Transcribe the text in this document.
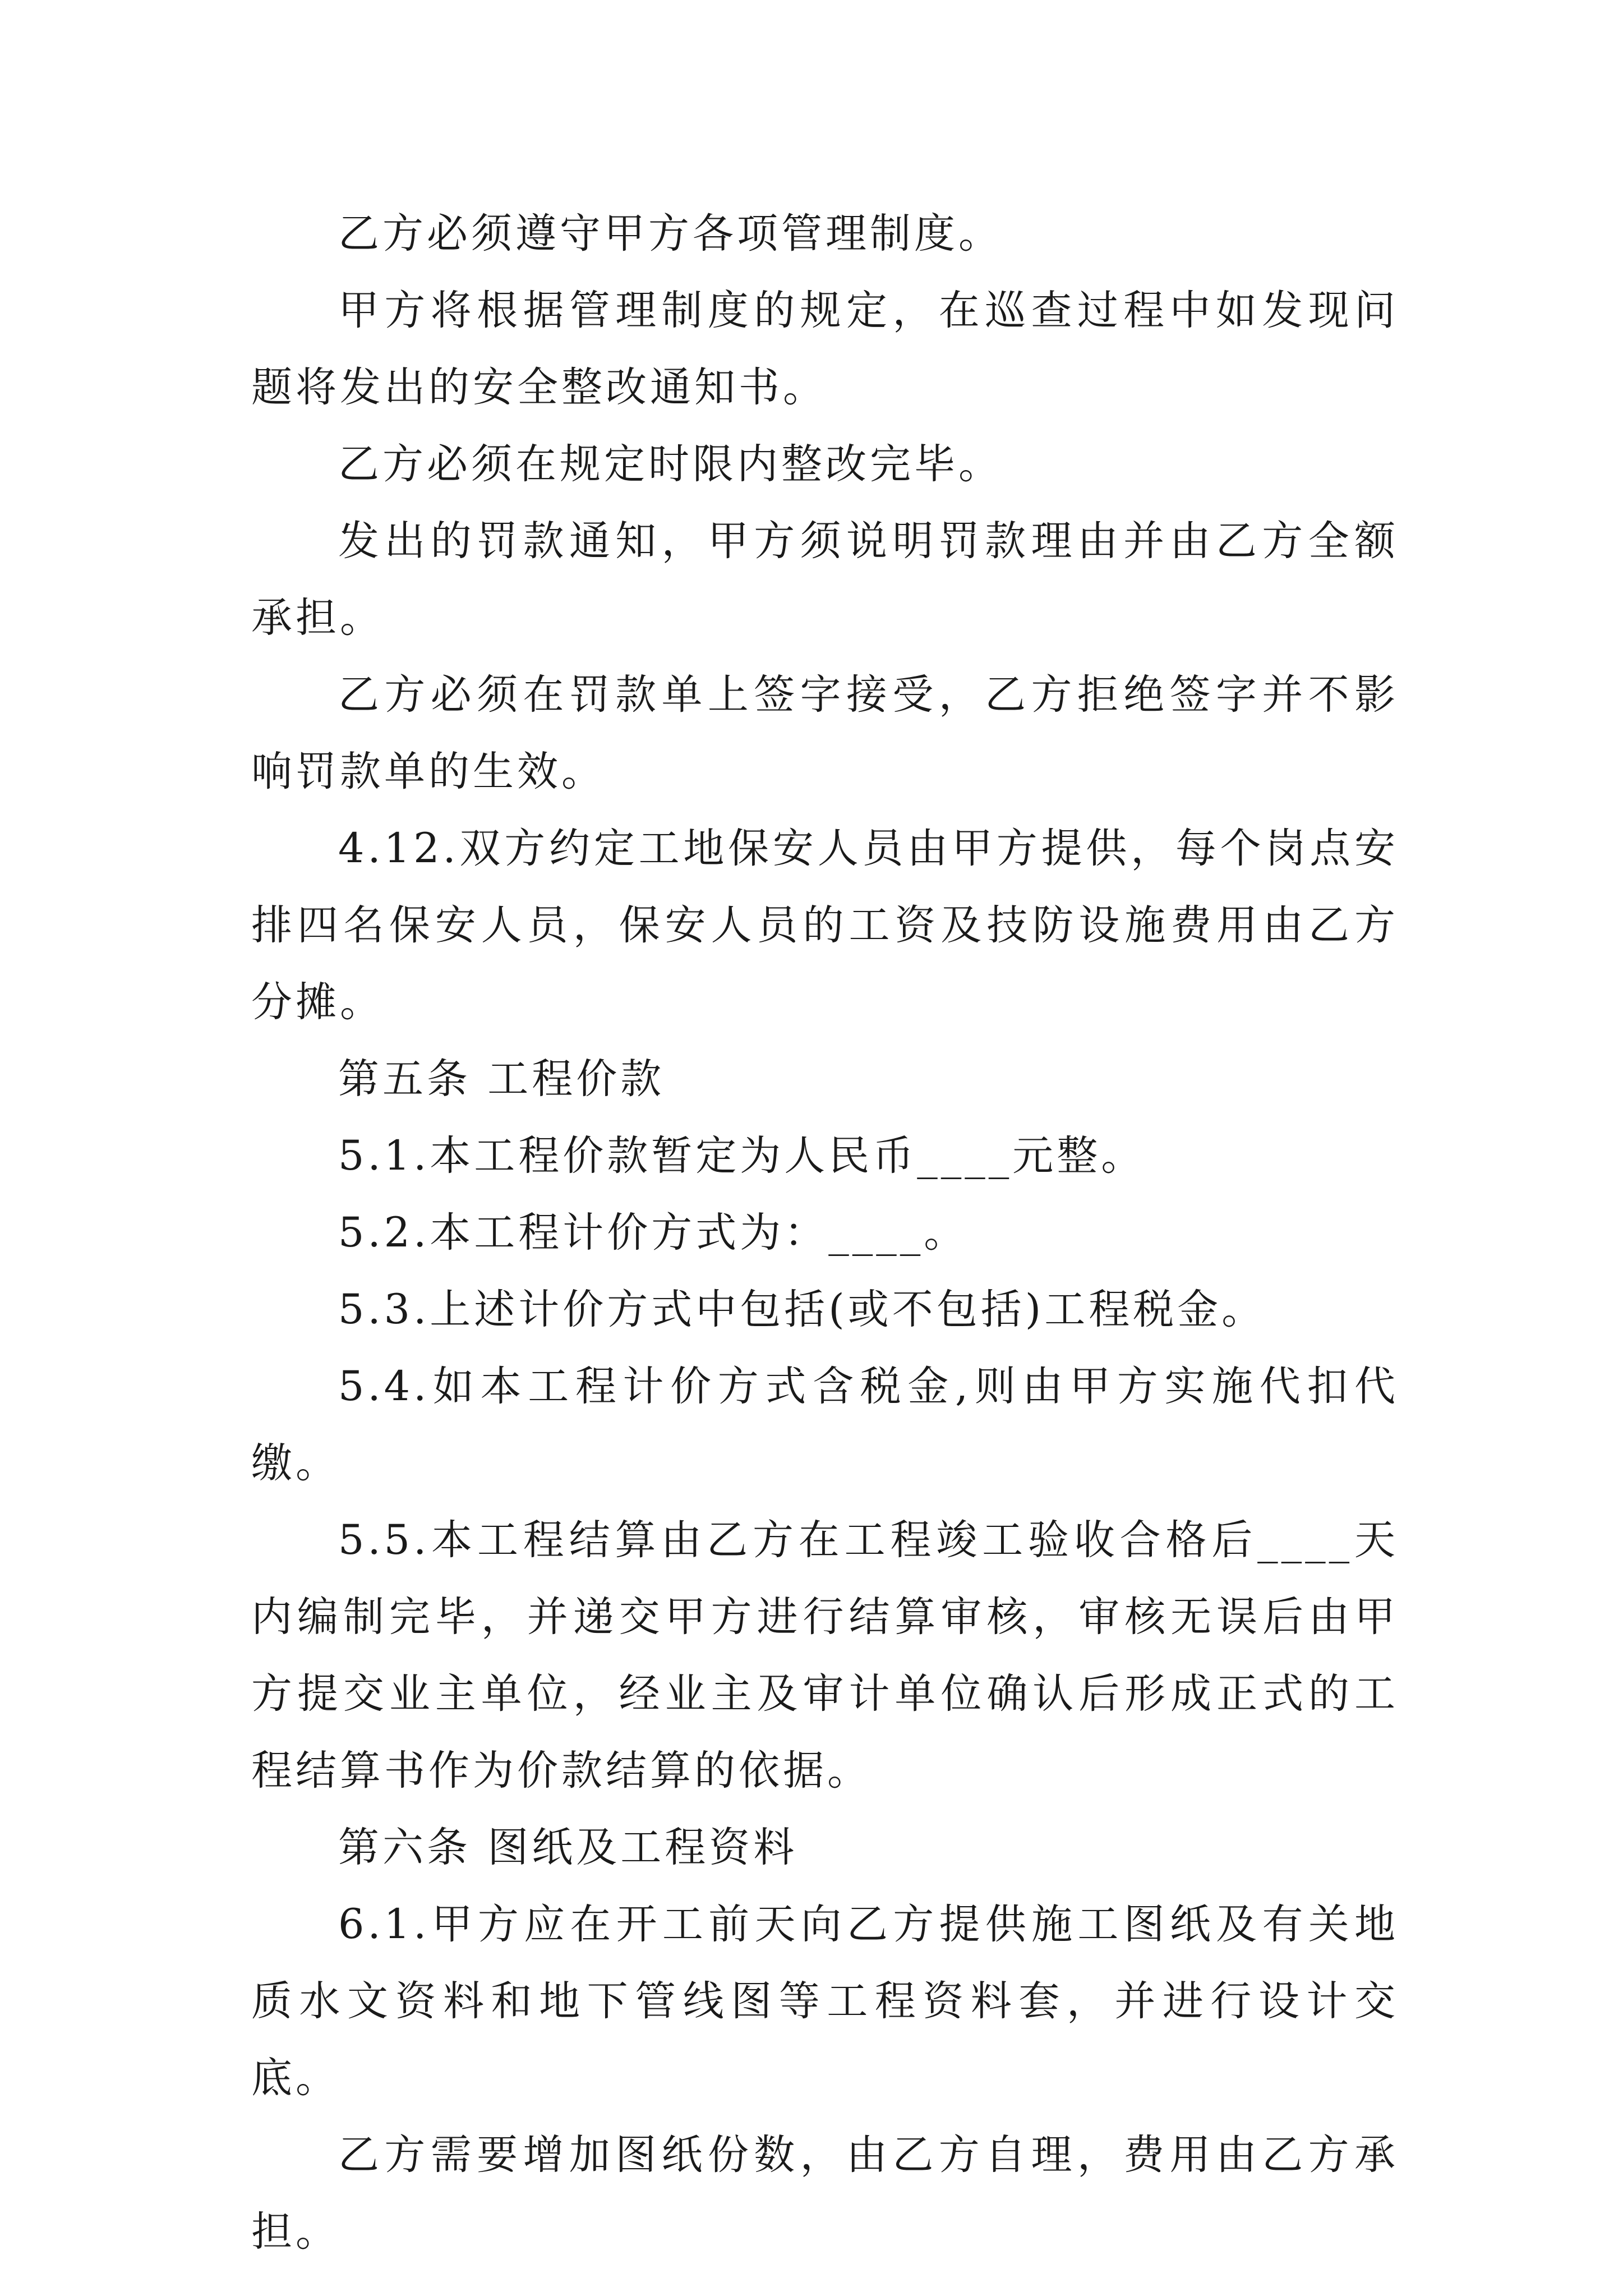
乙方必须遵守甲方各项管理制度。

甲方将根据管理制度的规定，在巡查过程中如发现问题将发出的安全整改通知书。

乙方必须在规定时限内整改完毕。

发出的罚款通知，甲方须说明罚款理由并由乙方全额承担。

乙方必须在罚款单上签字接受，乙方拒绝签字并不影响罚款单的生效。

4.12.双方约定工地保安人员由甲方提供，每个岗点安排四名保安人员，保安人员的工资及技防设施费用由乙方分摊。

第五条 工程价款

5.1.本工程价款暂定为人民币____元整。

5.2.本工程计价方式为：____。

5.3.上述计价方式中包括(或不包括)工程税金。

5.4.如本工程计价方式含税金,则由甲方实施代扣代缴。

5.5.本工程结算由乙方在工程竣工验收合格后____天内编制完毕，并递交甲方进行结算审核，审核无误后由甲方提交业主单位，经业主及审计单位确认后形成正式的工程结算书作为价款结算的依据。

第六条 图纸及工程资料

6.1.甲方应在开工前天向乙方提供施工图纸及有关地质水文资料和地下管线图等工程资料套，并进行设计交底。

乙方需要增加图纸份数，由乙方自理，费用由乙方承担。
